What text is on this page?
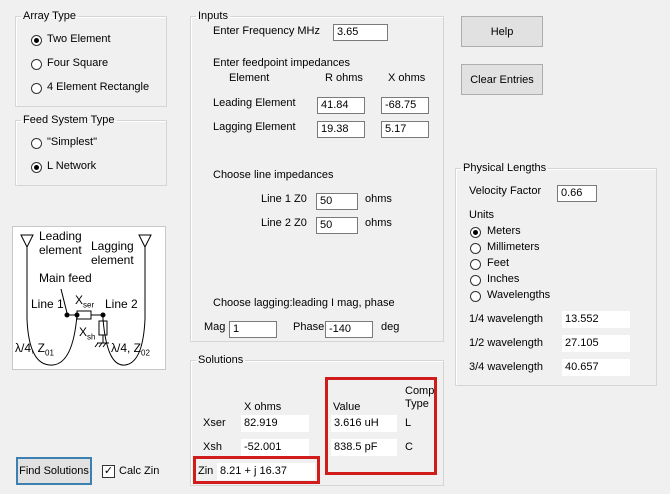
Array Type
Two Element
Four Square
4 Element Rectangle
Feed System Type
"Simplest"
L Network
Leading
element Lagging
element
Main feed
Line 1	Line 2
$X_{ser}$
$X_{sh}$
λ/4, $Z_{01}$	λ/4, $Z_{02}$
Inputs
Enter Frequency MHz	3.65
Enter feedpoint impedances
Element	R ohms X ohms
Leading Element	41.84	-68.75
Lagging Element	19.38	5.17
Choose line impedances
Line 1 Z0	50	ohms
Line 2 Z0	50	ohms
Choose lagging:leading I mag, phase
Mag 1	Phase -140	deg
Help
Clear Entries
Solutions
X ohms	Value
Comp
Type
Xser 82.919	3.616 uH	L
Xsh -52.001	838.5 pF	C
Zin 8.21 + j 16.37
Find Solutions ✓ Calc Zin
Physical Lengths
Velocity Factor	0.66
Units
Meters
Millimeters
Feet
Inches
Wavelengths
1/4 wavelength 13.552
1/2 wavelength 27.105
3/4 wavelength 40.657
